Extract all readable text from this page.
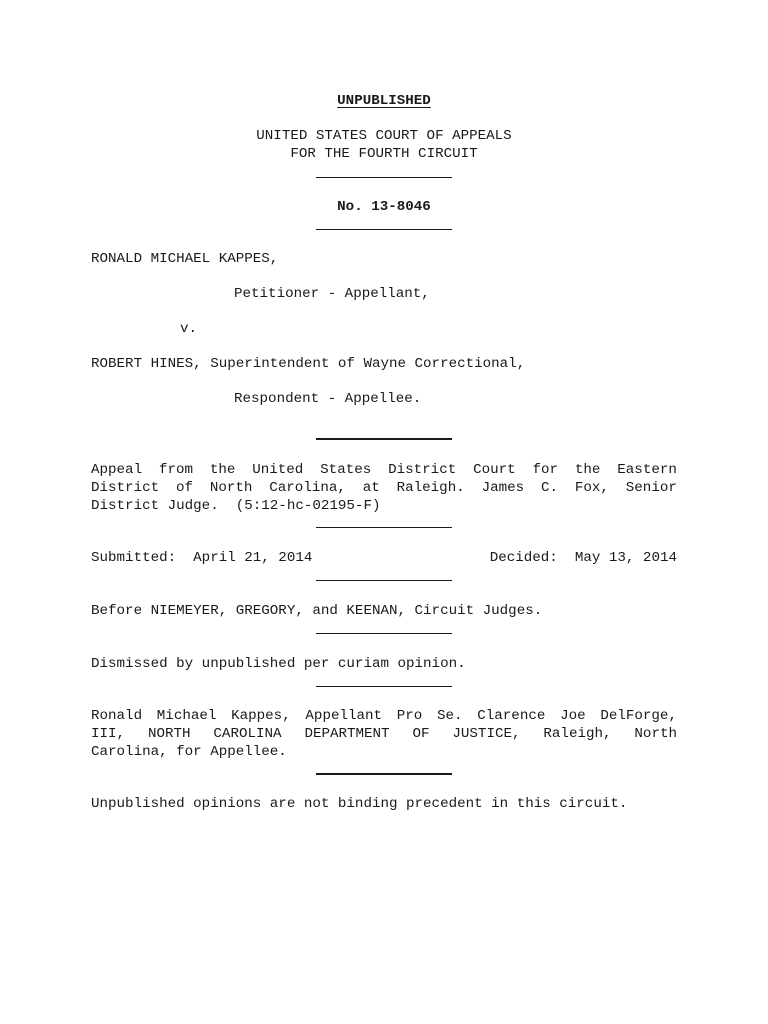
UNPUBLISHED
UNITED STATES COURT OF APPEALS
FOR THE FOURTH CIRCUIT
No. 13-8046
RONALD MICHAEL KAPPES,
Petitioner - Appellant,
v.
ROBERT HINES, Superintendent of Wayne Correctional,
Respondent - Appellee.
Appeal from the United States District Court for the Eastern
District of North Carolina, at Raleigh. James C. Fox, Senior
District Judge.  (5:12-hc-02195-F)
Submitted:  April 21, 2014	Decided:  May 13, 2014
Before NIEMEYER, GREGORY, and KEENAN, Circuit Judges.
Dismissed by unpublished per curiam opinion.
Ronald Michael Kappes, Appellant Pro Se. Clarence Joe DelForge,
III, NORTH CAROLINA DEPARTMENT OF JUSTICE, Raleigh, North
Carolina, for Appellee.
Unpublished opinions are not binding precedent in this circuit.
